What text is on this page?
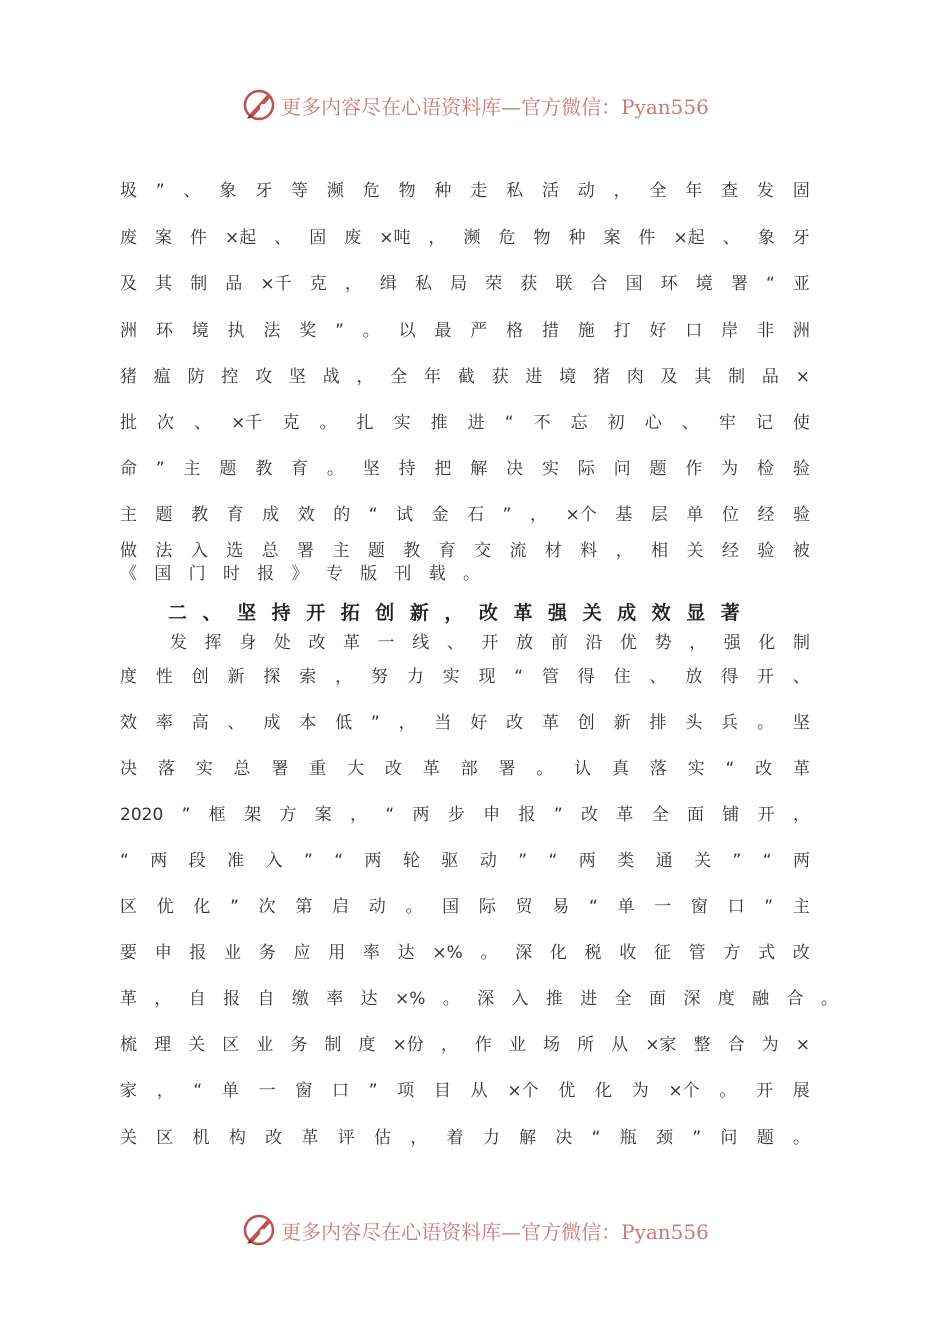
更多内容尽在心语资料库—官方微信：Pyan556
圾 ” 、 象 牙 等 濒 危 物 种 走 私 活 动 ， 全 年 查 发 固
废 案 件 ×起 、 固 废 ×吨 ， 濒 危 物 种 案 件 ×起 、 象 牙
及 其 制 品 ×千 克 ， 缉 私 局 荣 获 联 合 国 环 境 署 “ 亚
洲 环 境 执 法 奖 ” 。 以 最 严 格 措 施 打 好 口 岸 非 洲
猪 瘟 防 控 攻 坚 战 ， 全 年 截 获 进 境 猪 肉 及 其 制 品 ×
批 次 、 ×千 克 。 扎 实 推 进 “ 不 忘 初 心 、 牢 记 使
命 ” 主 题 教 育 。 坚 持 把 解 决 实 际 问 题 作 为 检 验
主 题 教 育 成 效 的 “ 试 金 石 ” ， ×个 基 层 单 位 经 验
做 法 入 选 总 署 主 题 教 育 交 流 材 料 ， 相 关 经 验 被
《 国 门 时 报 》 专 版 刊 载 。
二 、 坚 持 开 拓 创 新 ， 改 革 强 关 成 效 显 著
发 挥 身 处 改 革 一 线 、 开 放 前 沿 优 势 ， 强 化 制
度 性 创 新 探 索 ， 努 力 实 现 “ 管 得 住 、 放 得 开 、
效 率 高 、 成 本 低 ” ， 当 好 改 革 创 新 排 头 兵 。 坚
决 落 实 总 署 重 大 改 革 部 署 。 认 真 落 实 “ 改 革
2020 ” 框 架 方 案 ， “ 两 步 申 报 ” 改 革 全 面 铺 开 ，
“ 两 段 准 入 ” “ 两 轮 驱 动 ” “ 两 类 通 关 ” “ 两
区 优 化 ” 次 第 启 动 。 国 际 贸 易 “ 单 一 窗 口 ” 主
要 申 报 业 务 应 用 率 达 ×% 。 深 化 税 收 征 管 方 式 改
革 ， 自 报 自 缴 率 达 ×% 。 深 入 推 进 全 面 深 度 融 合 。
梳 理 关 区 业 务 制 度 ×份 ， 作 业 场 所 从 ×家 整 合 为 ×
家 ， “ 单 一 窗 口 ” 项 目 从 ×个 优 化 为 ×个 。 开 展
关 区 机 构 改 革 评 估 ， 着 力 解 决 “ 瓶 颈 ” 问 题 。
更多内容尽在心语资料库—官方微信：Pyan556
